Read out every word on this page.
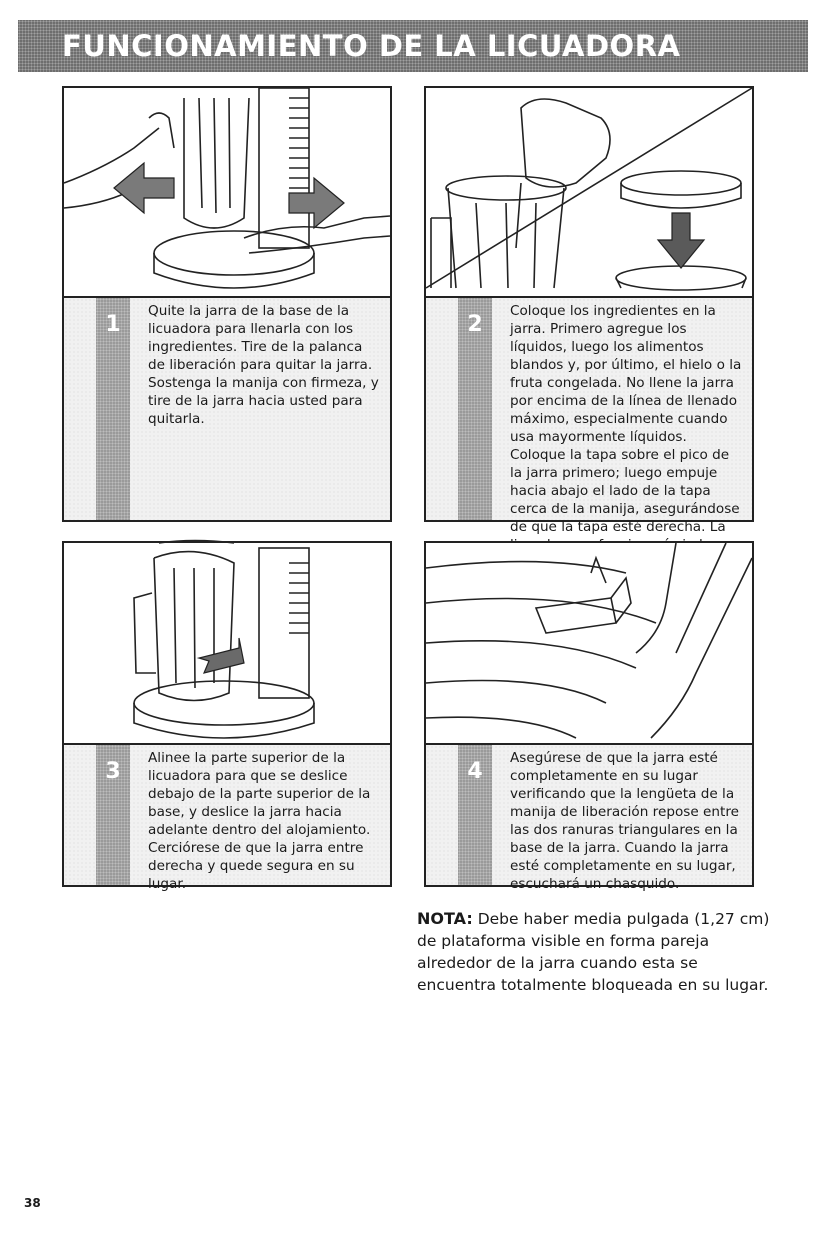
FUNCIONAMIENTO DE LA LICUADORA
1

Quite la jarra de la base de la licuadora para llenarla con los ingredientes. Tire de la palanca de liberación para quitar la jarra. Sostenga la manija con firmeza, y tire de la jarra hacia usted para quitarla.

2

Coloque los ingredientes en la jarra. Primero agregue los líquidos, luego los alimentos blandos y, por último, el hielo o la fruta congelada. No llene la jarra por encima de la línea de llenado máximo, especialmente cuando usa mayormente líquidos. Coloque la tapa sobre el pico de la jarra primero; luego empuje hacia abajo el lado de la tapa cerca de la manija, asegurándose de que la tapa esté derecha. La

3

Alinee la parte superior de la licuadora para que se deslice debajo de la parte superior de la base, y deslice la jarra hacia adelante dentro del alojamiento. Cerciórese de que la jarra entre derecha y quede segura en su lugar.

4

Asegúrese de que la jarra esté completamente en su lugar verificando que la lengüeta de la manija de liberación repose entre las dos ranuras triangulares en la base de la jarra. Cuando la jarra esté completamente en su lugar, escuchará un chasquido.

NOTA: Debe haber media pulgada (1,27 cm) de plataforma visible en forma pareja alrededor de la jarra cuando esta se encuentra totalmente bloqueada en su lugar.

38
